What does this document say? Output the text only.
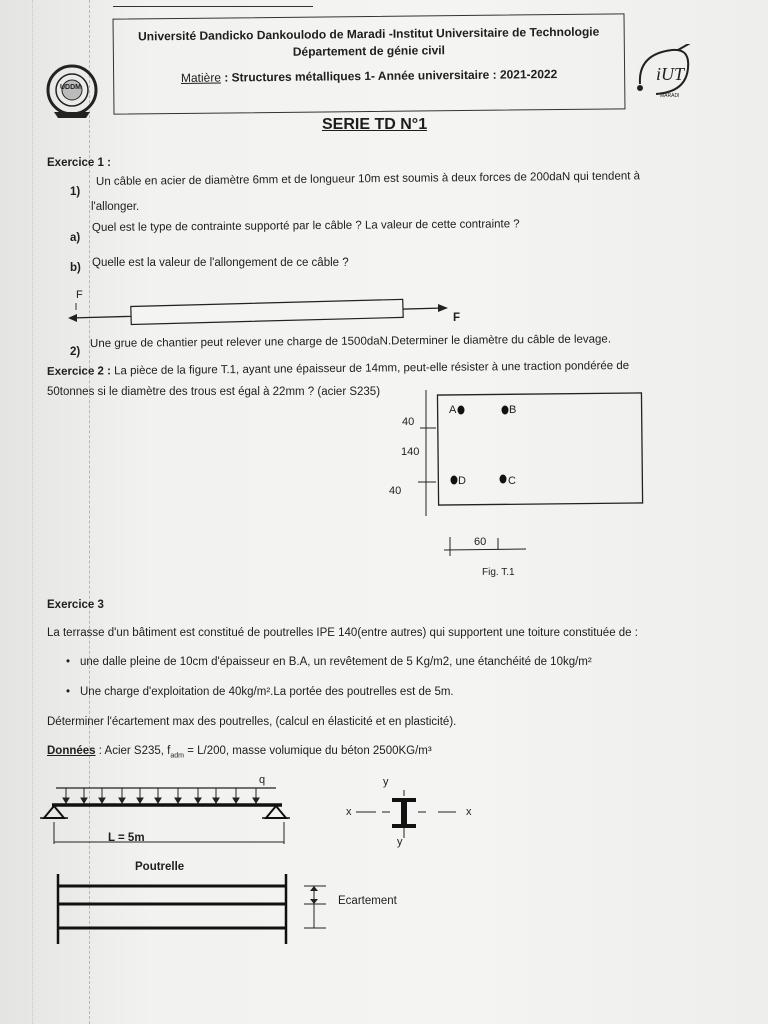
UDDM
Université Dandicko Dankoulodo de Maradi -Institut Universitaire de Technologie
Département de génie civil
Matière : Structures métalliques 1- Année universitaire : 2021-2022	iUT
MARADI
SERIE TD N°1
Exercice 1 :
1)
Un câble en acier de diamètre 6mm et de longueur 10m est soumis à deux forces de 200daN qui tendent à
l'allonger.
a)
Quel est le type de contrainte supporté par le câble ? La valeur de cette contrainte ?
b) Quelle est la valeur de l'allongement de ce câble ?
F
F
2)
Une grue de chantier peut relever une charge de 1500daN.Determiner le diamètre du câble de levage.
Exercice 2 : La pièce de la figure T.1, ayant une épaisseur de 14mm, peut-elle résister à une traction pondérée de
50tonnes si le diamètre des trous est égal à 22mm ? (acier S235)
40
140
40
A	B
D	C
60
Fig. T.1
Exercice 3
La terrasse d'un bâtiment est constitué de poutrelles IPE 140(entre autres) qui supportent une toiture constituée de :
• une dalle pleine de 10cm d'épaisseur en B.A, un revêtement de 5 Kg/m2, une étanchéité de 10kg/m²
• Une charge d'exploitation de 40kg/m².La portée des poutrelles est de 5m.
Déterminer l'écartement max des poutrelles, (calcul en élasticité et en plasticité).
Données : Acier S235, $f_{adm} = L/200$, masse volumique du béton 2500KG/m³
q
L = 5m
x	x
y
y
Poutrelle
Ecartement
